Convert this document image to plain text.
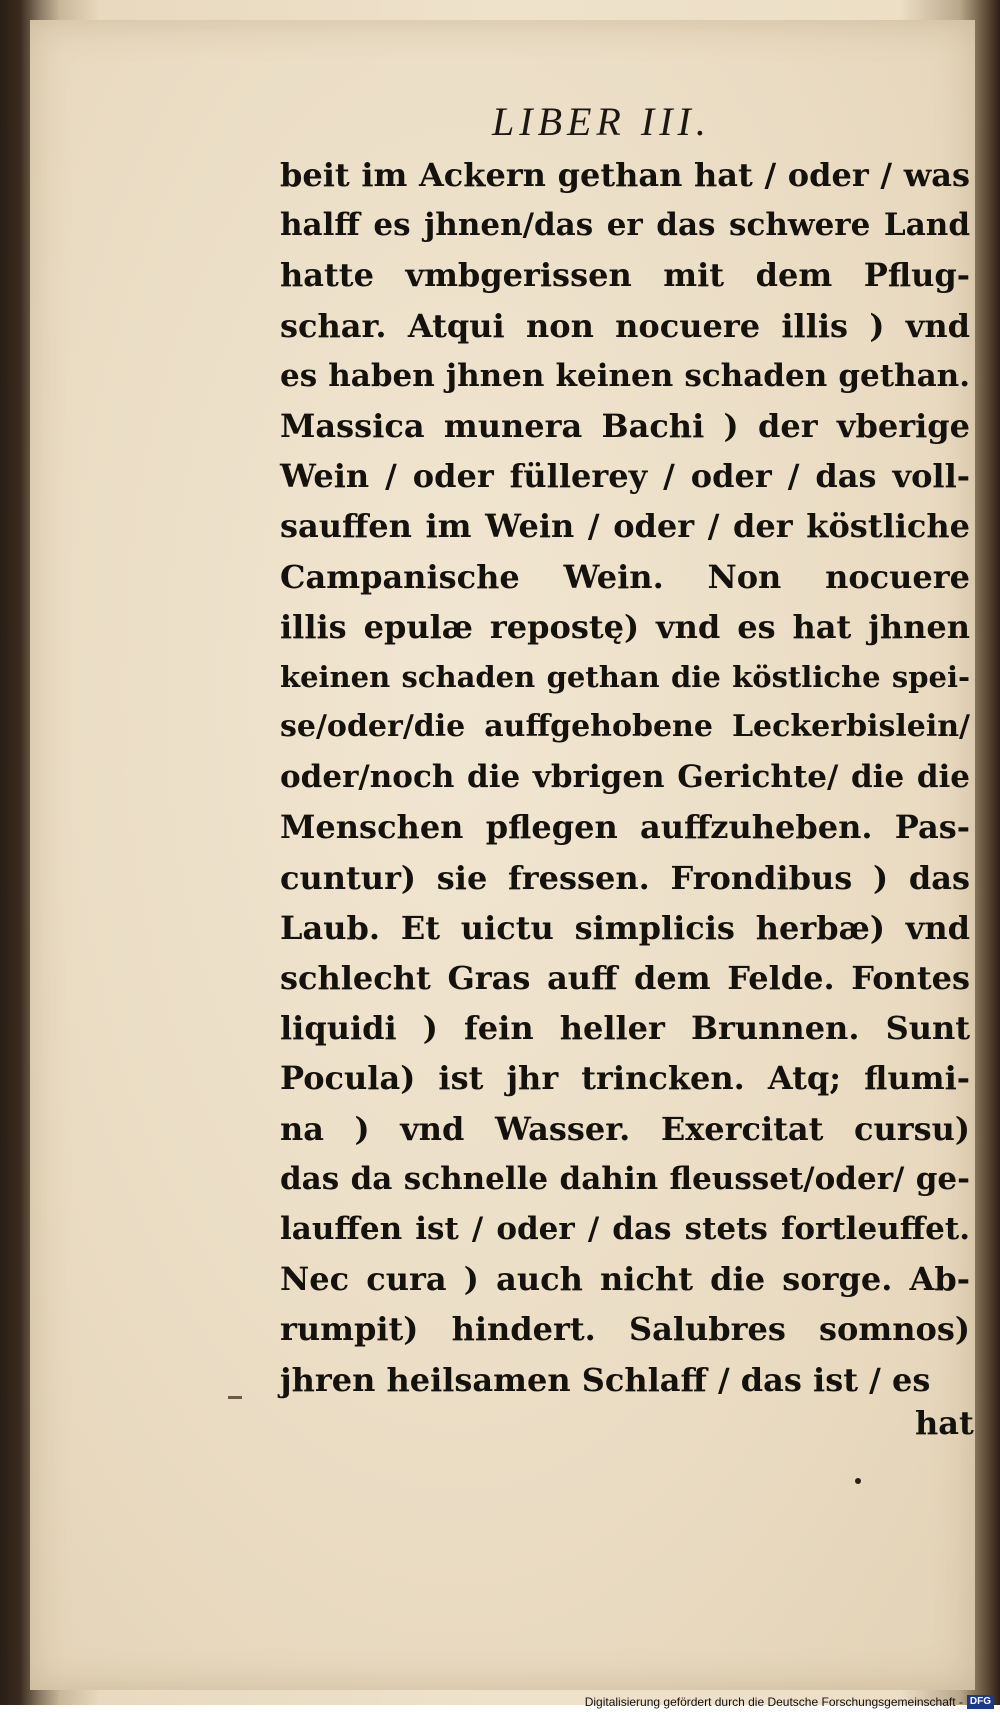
LIBER III.
beit im Ackern gethan hat / oder / was
halff es jhnen/das er das schwere Land
hatte vmbgerissen mit dem Pflug-
schar. Atqui non nocuere illis ) vnd
es haben jhnen keinen schaden gethan.
Massica munera Bachi ) der vberige
Wein / oder füllerey / oder / das voll-
sauffen im Wein / oder / der köstliche
Campanische Wein. Non nocuere
illis epulæ repostę) vnd es hat jhnen
keinen schaden gethan die köstliche spei-
se/oder/die auffgehobene Leckerbislein/
oder/noch die vbrigen Gerichte/ die die
Menschen pflegen auffzuheben. Pas-
cuntur) sie fressen. Frondibus ) das
Laub. Et uictu simplicis herbæ) vnd
schlecht Gras auff dem Felde. Fontes
liquidi ) fein heller Brunnen. Sunt
Pocula) ist jhr trincken. Atq; flumi-
na ) vnd Wasser. Exercitat cursu)
das da schnelle dahin fleusset/oder/ ge-
lauffen ist / oder / das stets fortleuffet.
Nec cura ) auch nicht die sorge. Ab-
rumpit) hindert. Salubres somnos)
jhren heilsamen Schlaff / das ist / es
hat
Digitalisierung gefördert durch die Deutsche Forschungsgemeinschaft - DFG
